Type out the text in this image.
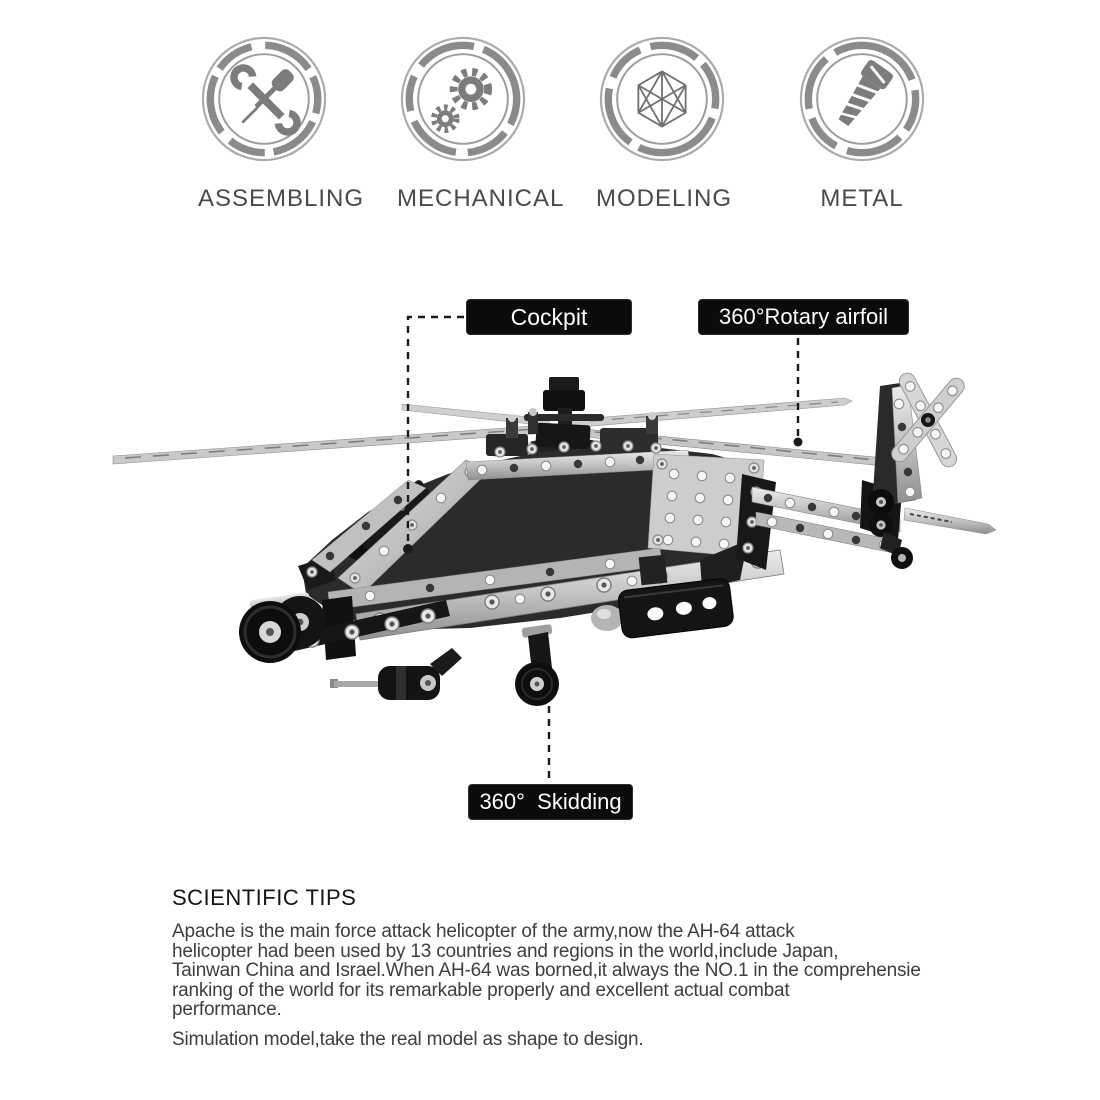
ASSEMBLING MECHANICAL MODELING	METAL
Cockpit	360°Rotary airfoil
360°  Skidding
SCIENTIFIC TIPS
Apache is the main force attack helicopter of the army,now the AH-64 attack
helicopter had been used by 13 countries and regions in the world,include Japan,
Tainwan China and Israel.When AH-64 was borned,it always the NO.1 in the comprehensie
ranking of the world for its remarkable properly and excellent actual combat
performance.
Simulation model,take the real model as shape to design.
